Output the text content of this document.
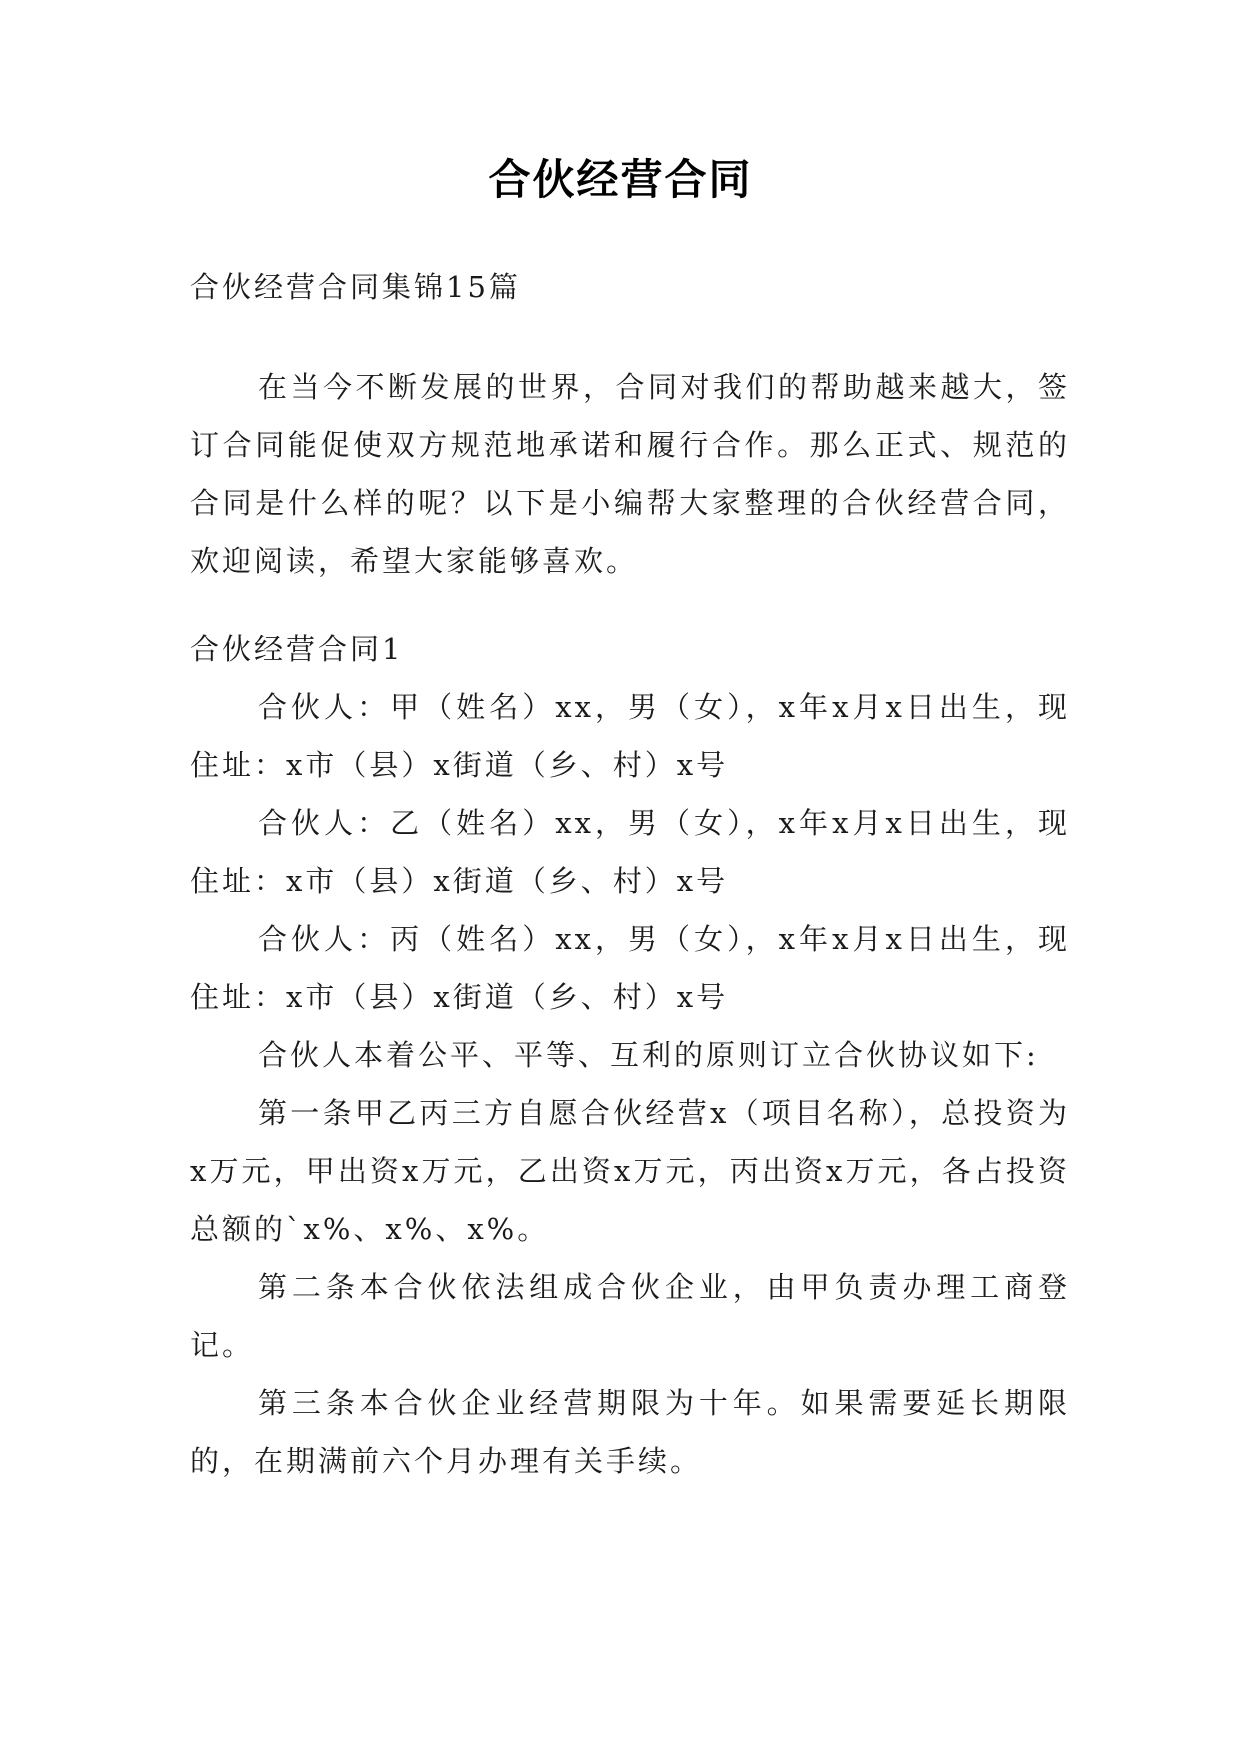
合伙经营合同

合伙经营合同集锦15篇

在当今不断发展的世界，合同对我们的帮助越来越大，签订合同能促使双方规范地承诺和履行合作。那么正式、规范的合同是什么样的呢？以下是小编帮大家整理的合伙经营合同，欢迎阅读，希望大家能够喜欢。

合伙经营合同1

合伙人：甲（姓名）xx，男（女），x年x月x日出生，现住址：x市（县）x街道（乡、村）x号

合伙人：乙（姓名）xx，男（女），x年x月x日出生，现住址：x市（县）x街道（乡、村）x号

合伙人：丙（姓名）xx，男（女），x年x月x日出生，现住址：x市（县）x街道（乡、村）x号

合伙人本着公平、平等、互利的原则订立合伙协议如下:

第一条甲乙丙三方自愿合伙经营x（项目名称），总投资为x万元，甲出资x万元，乙出资x万元，丙出资x万元，各占投资总额的`x%、x%、x%。

第二条本合伙依法组成合伙企业，由甲负责办理工商登记。

第三条本合伙企业经营期限为十年。如果需要延长期限的，在期满前六个月办理有关手续。
